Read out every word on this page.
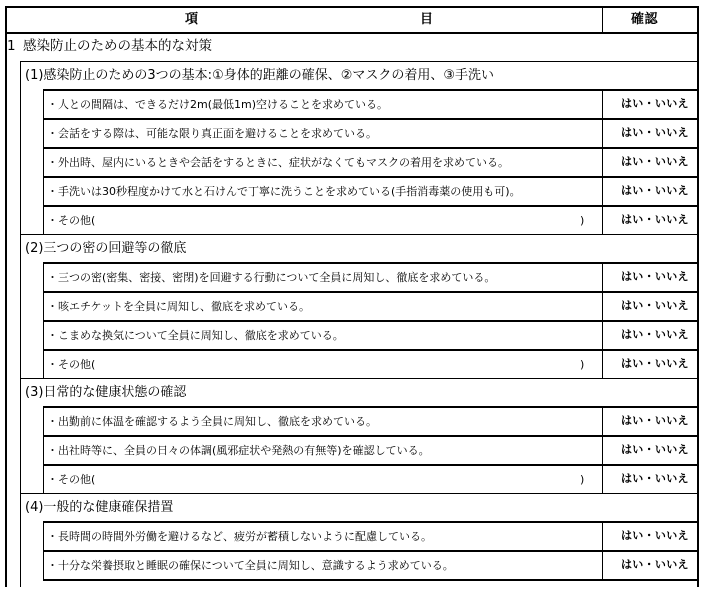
項	目	確認
1 感染防止のための基本的な対策
(1)感染防止のための3つの基本:①身体的距離の確保、②マスクの着用、③手洗い
・人との間隔は、できるだけ2m(最低1m)空けることを求めている。	はい・いいえ
・会話をする際は、可能な限り真正面を避けることを求めている。	はい・いいえ
・外出時、屋内にいるときや会話をするときに、症状がなくてもマスクの着用を求めている。	はい・いいえ
・手洗いは30秒程度かけて水と石けんで丁寧に洗うことを求めている(手指消毒薬の使用も可)。	はい・いいえ
・その他(	)	はい・いいえ
(2)三つの密の回避等の徹底
・三つの密(密集、密接、密閉)を回避する行動について全員に周知し、徹底を求めている。	はい・いいえ
・咳エチケットを全員に周知し、徹底を求めている。	はい・いいえ
・こまめな換気について全員に周知し、徹底を求めている。	はい・いいえ
・その他(	)	はい・いいえ
(3)日常的な健康状態の確認
・出勤前に体温を確認するよう全員に周知し、徹底を求めている。	はい・いいえ
・出社時等に、全員の日々の体調(風邪症状や発熱の有無等)を確認している。	はい・いいえ
・その他(	)	はい・いいえ
(4)一般的な健康確保措置
・長時間の時間外労働を避けるなど、疲労が蓄積しないように配慮している。	はい・いいえ
・十分な栄養摂取と睡眠の確保について全員に周知し、意識するよう求めている。	はい・いいえ
